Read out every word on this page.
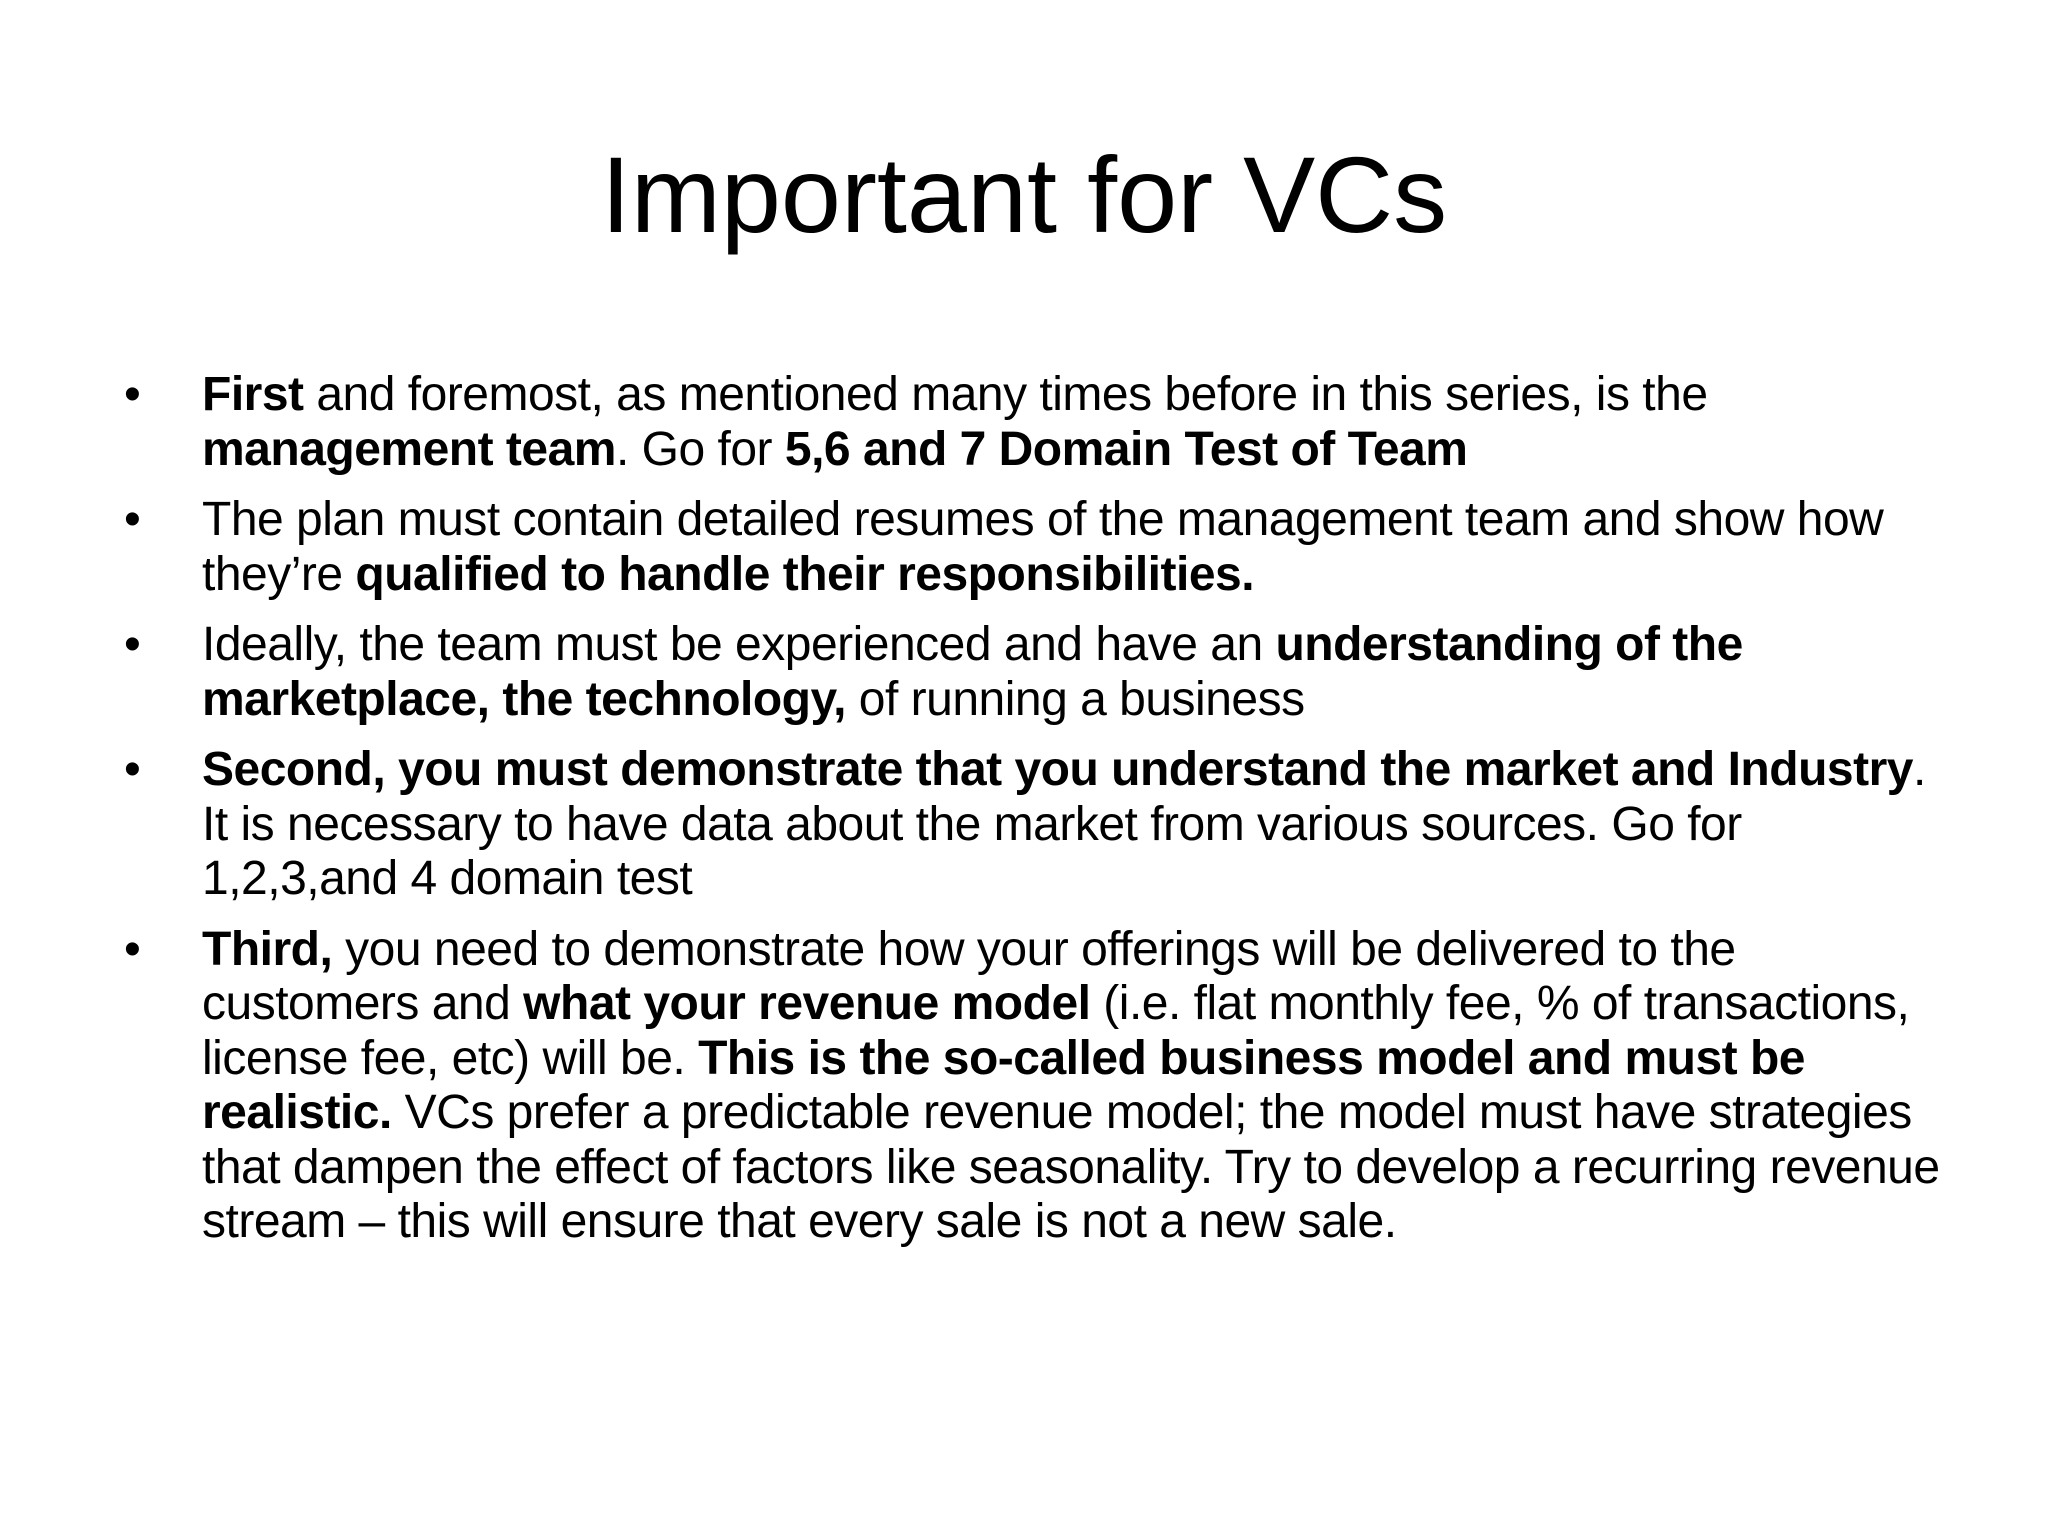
Important for VCs
• First and foremost, as mentioned many times before in this series, is the management team. Go for 5,6 and 7 Domain Test of Team
• The plan must contain detailed resumes of the management team and show how they’re qualified to handle their responsibilities.
• Ideally, the team must be experienced and have an understanding of the marketplace, the technology, of running a business
• Second, you must demonstrate that you understand the market and Industry. It is necessary to have data about the market from various sources. Go for 1,2,3,and 4 domain test
• Third, you need to demonstrate how your offerings will be delivered to the customers and what your revenue model (i.e. flat monthly fee, % of transactions, license fee, etc) will be. This is the so-called business model and must be realistic. VCs prefer a predictable revenue model; the model must have strategies that dampen the effect of factors like seasonality. Try to develop a recurring revenue stream – this will ensure that every sale is not a new sale.
